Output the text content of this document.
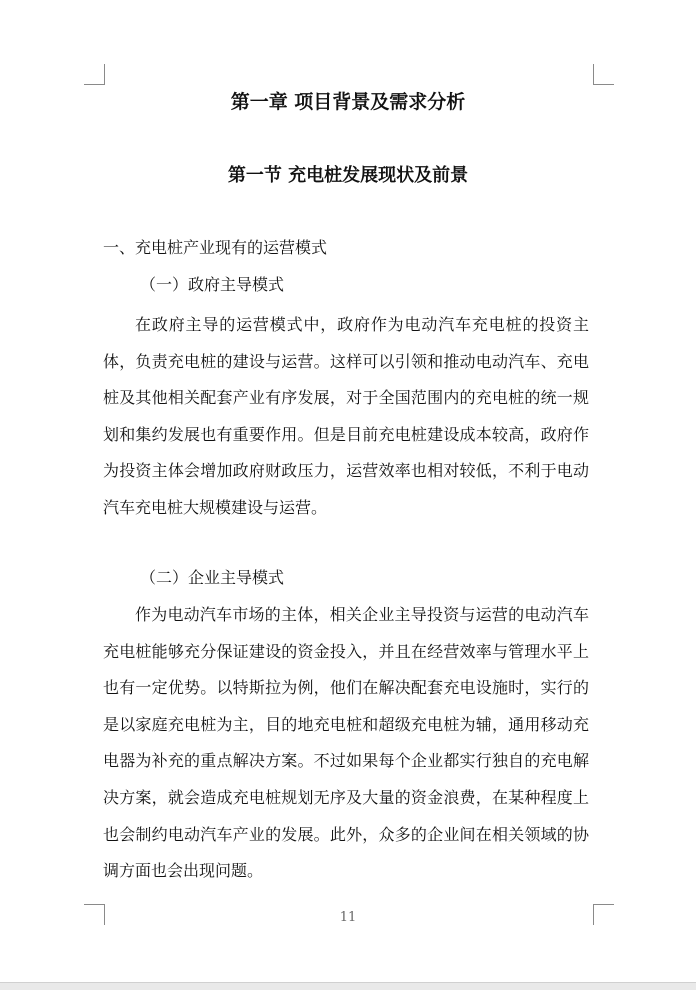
第一章 项目背景及需求分析
第一节 充电桩发展现状及前景
一、充电桩产业现有的运营模式
（一）政府主导模式
在政府主导的运营模式中，政府作为电动汽车充电桩的投资主体，负责充电桩的建设与运营。这样可以引领和推动电动汽车、充电桩及其他相关配套产业有序发展，对于全国范围内的充电桩的统一规划和集约发展也有重要作用。但是目前充电桩建设成本较高，政府作为投资主体会增加政府财政压力，运营效率也相对较低，不利于电动汽车充电桩大规模建设与运营。
（二）企业主导模式
作为电动汽车市场的主体，相关企业主导投资与运营的电动汽车充电桩能够充分保证建设的资金投入，并且在经营效率与管理水平上也有一定优势。以特斯拉为例，他们在解决配套充电设施时，实行的是以家庭充电桩为主，目的地充电桩和超级充电桩为辅，通用移动充电器为补充的重点解决方案。不过如果每个企业都实行独自的充电解决方案，就会造成充电桩规划无序及大量的资金浪费，在某种程度上也会制约电动汽车产业的发展。此外，众多的企业间在相关领域的协调方面也会出现问题。
11
